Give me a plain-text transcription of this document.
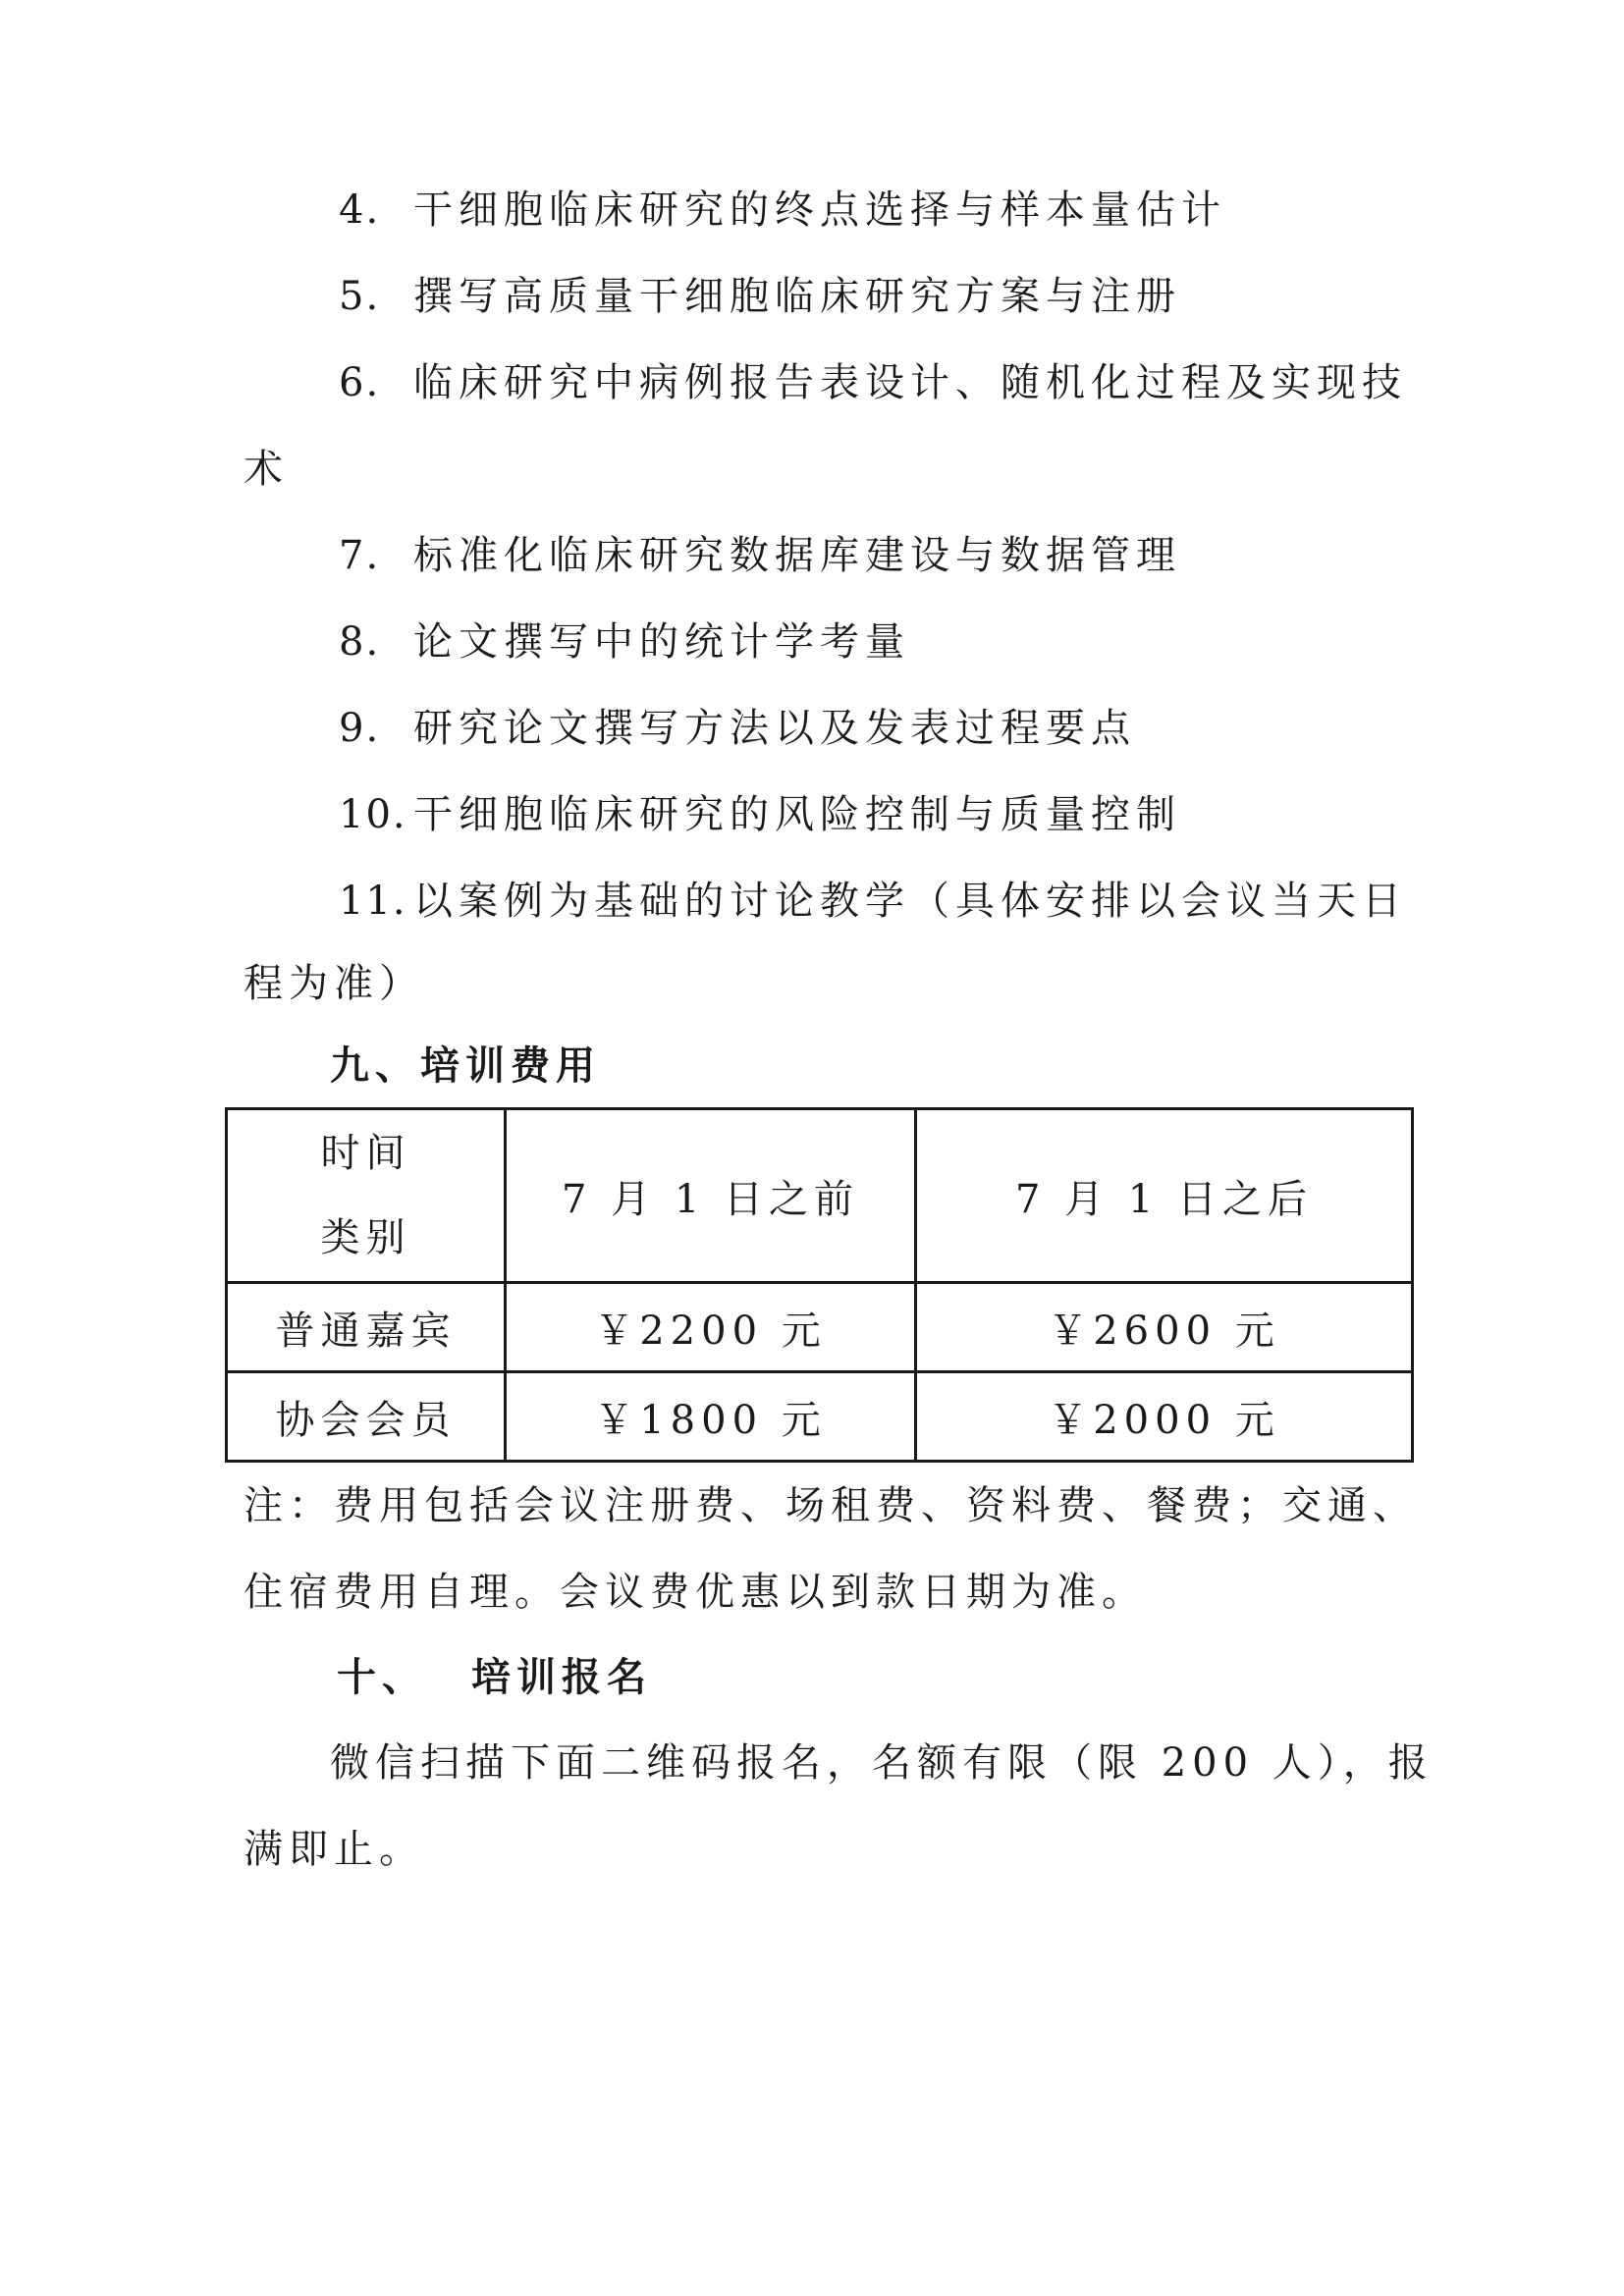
4. 干细胞临床研究的终点选择与样本量估计
5. 撰写高质量干细胞临床研究方案与注册
6. 临床研究中病例报告表设计、随机化过程及实现技
术
7. 标准化临床研究数据库建设与数据管理
8. 论文撰写中的统计学考量
9. 研究论文撰写方法以及发表过程要点
10. 干细胞临床研究的风险控制与质量控制
11. 以案例为基础的讨论教学（具体安排以会议当天日
程为准）
九、培训费用
时间
类别	7 月 1 日之前	7 月 1 日之后
普通嘉宾	￥2200 元	￥2600 元
协会会员	￥1800 元	￥2000 元
注：费用包括会议注册费、场租费、资料费、餐费；交通、
住宿费用自理。会议费优惠以到款日期为准。
十、 培训报名
微信扫描下面二维码报名，名额有限（限 200 人），报
满即止。
